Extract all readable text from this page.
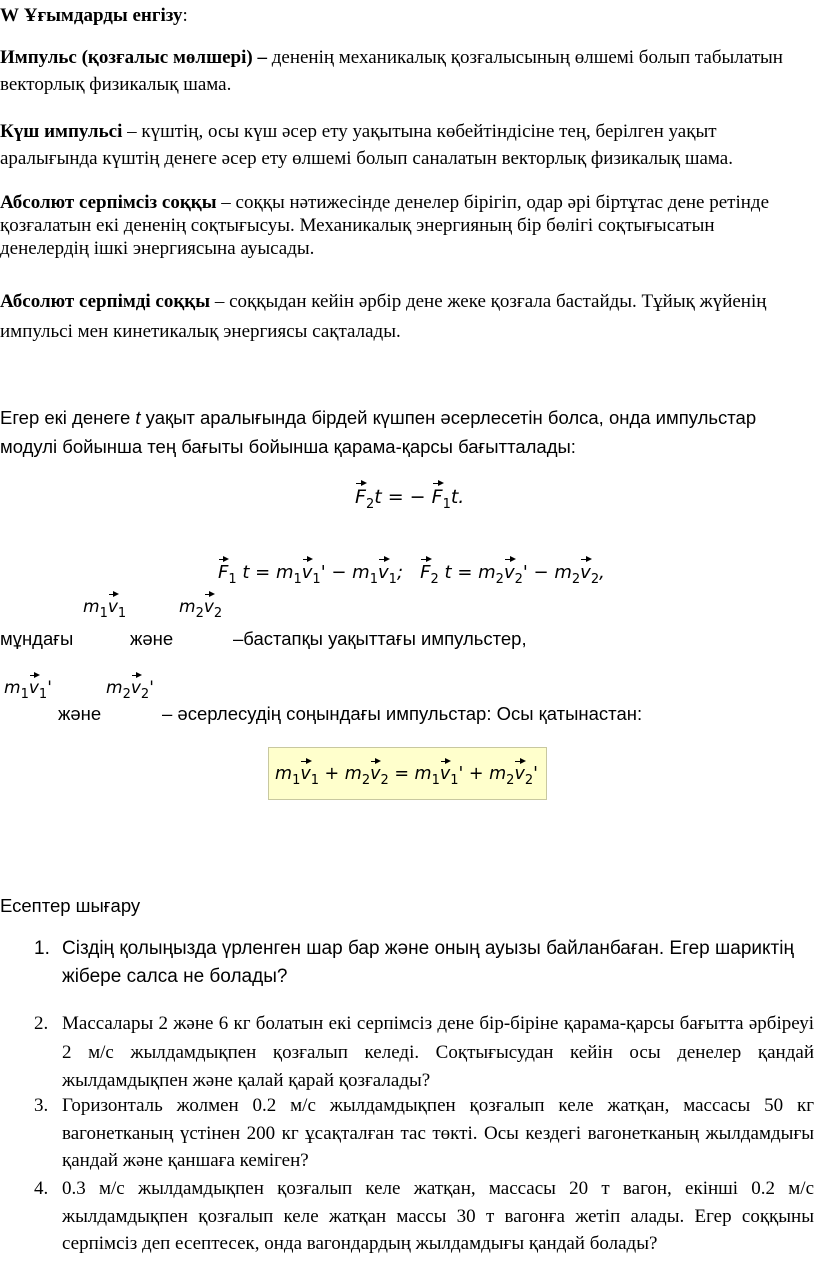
W Ұғымдарды енгізу:

Импульс (қозғалыс мөлшері) – дененің механикалық қозғалысының өлшемі болып табылатын векторлық физикалық шама.

Күш импульсі – күштің, осы күш әсер ету уақытына көбейтіндісіне тең, берілген уақыт аралығында күштің денеге әсер ету өлшемі болып саналатын векторлық физикалық шама.

Абсолют серпімсіз соққы – соққы нәтижесінде денелер бірігіп, одар әрі біртұтас дене ретінде қозғалатын екі дененің соқтығысуы. Механикалық энергияның бір бөлігі соқтығысатын денелердің ішкі энергиясына ауысады.

Абсолют серпімді соққы – соққыдан кейін әрбір дене жеке қозғала бастайды. Тұйық жүйенің импульсі мен кинетикалық энергиясы сақталады.

Егер екі денеге t уақыт аралығында бірдей күшпен әсерлесетін болса, онда импульстар модулі бойынша тең бағыты бойынша қарама-қарсы бағытталады:

$F_2t$ = − $F_1t$.
$F_1$ $t = m_1v_1' - m_1v_1$;   $F_2$ $t = m_2v_2' - m_2v_2$,
$m_1v_1$	$m_2v_2$
мұндағы	және	–бастапқы уақыттағы импульстер,
$m_1v_1'$	$m_2v_2'$
және	– әсерлесудің соңындағы импульстар: Осы қатынастан:
$m_1v_1 + m_2v_2 = m_1v_1' + m_2v_2'$
Есептер шығару
1. Сіздің қолыңызда үрленген шар бар және оның ауызы байланбаған. Егер шариктің жібере салса не болады?
2. Массалары 2 және 6 кг болатын екі серпімсіз дене бір-біріне қарама-қарсы бағытта әрбіреуі 2 м/с жылдамдықпен қозғалып келеді. Соқтығысудан кейін осы денелер қандай жылдамдықпен және қалай қарай қозғалады?
3. Горизонталь жолмен 0.2 м/с жылдамдықпен қозғалып келе жатқан, массасы 50 кг вагонетканың үстінен 200 кг ұсақталған тас төкті. Осы кездегі вагонетканың жылдамдығы қандай және қаншаға кеміген?
4. 0.3 м/с жылдамдықпен қозғалып келе жатқан, массасы 20 т вагон, екінші 0.2 м/с жылдамдықпен қозғалып келе жатқан массы 30 т вагонға жетіп алады. Егер соққыны серпімсіз деп есептесек, онда вагондардың жылдамдығы қандай болады?
